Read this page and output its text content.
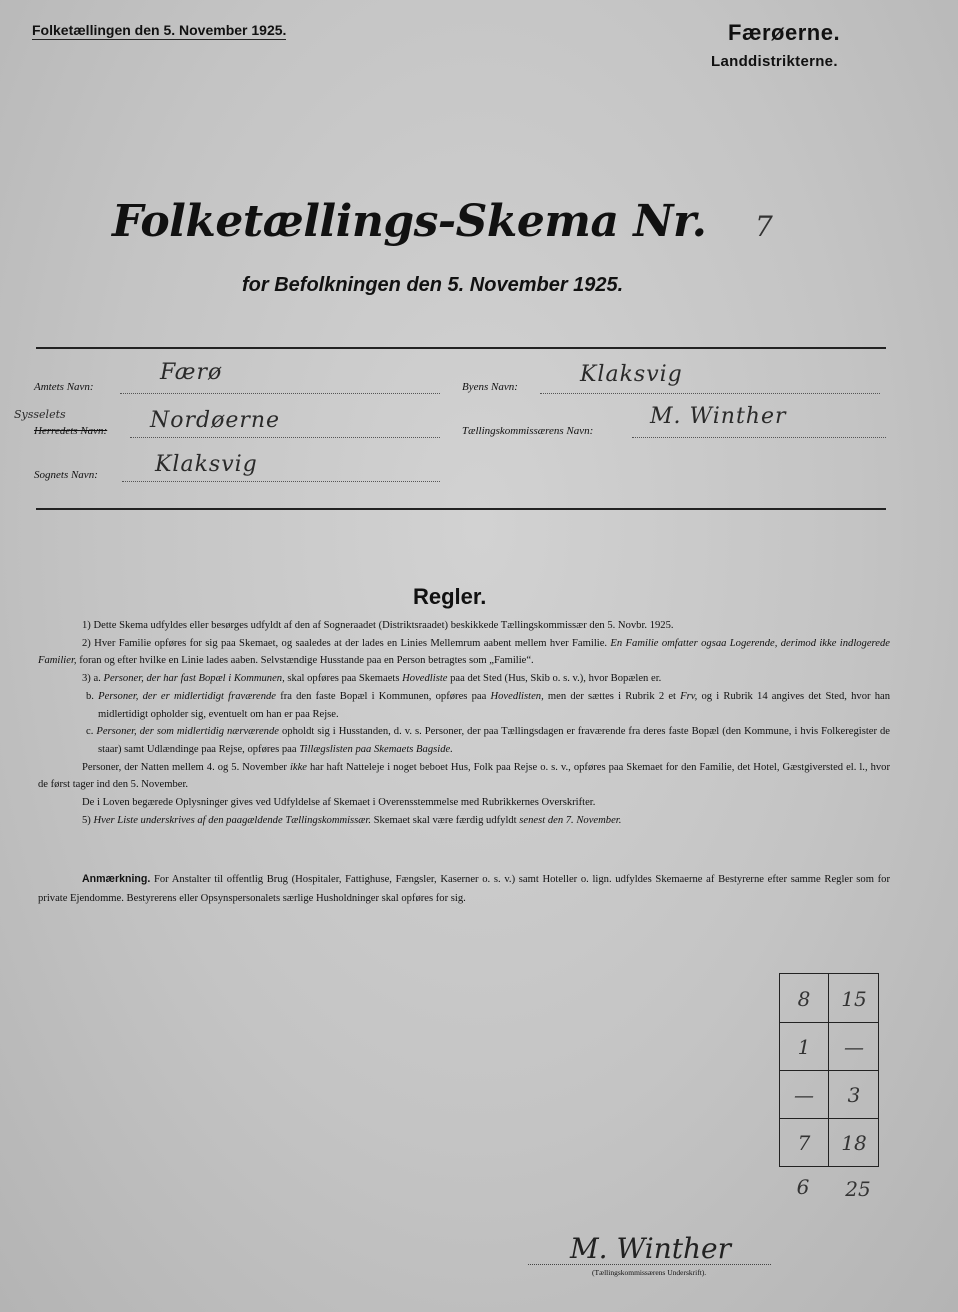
Folketællingen den 5. November 1925.	Færøerne.
Landdistrikterne.
Folketællings-Skema Nr. 7
for Befolkningen den 5. November 1925.
Amtets Navn:
Færø
Byens Navn:	Klaksvig
Sysselets
Herredets Navn: Nordøerne	Tællingskommissærens Navn:
M. Winther
Sognets Navn:	Klaksvig
Regler.

1) Dette Skema udfyldes eller besørges udfyldt af den af Sogneraadet (Distriktsraadet) beskikkede Tællingskommissær den 5. Novbr. 1925.

2) Hver Familie opføres for sig paa Skemaet, og saaledes at der lades en Linies Mellemrum aabent mellem hver Familie. En Familie omfatter ogsaa Logerende, derimod ikke indlogerede Familier, foran og efter hvilke en Linie lades aaben. Selvstændige Husstande paa en Person betragtes som „Familie“.

3) a. Personer, der har fast Bopæl i Kommunen, skal opføres paa Skemaets Hovedliste paa det Sted (Hus, Skib o. s. v.), hvor Bopælen er.

b. Personer, der er midlertidigt fraværende fra den faste Bopæl i Kommunen, opføres paa Hovedlisten, men der sættes i Rubrik 2 et Frv, og i Rubrik 14 angives det Sted, hvor han midlertidigt opholder sig, eventuelt om han er paa Rejse.

c. Personer, der som midlertidig nærværende opholdt sig i Husstanden, d. v. s. Personer, der paa Tællingsdagen er fraværende fra deres faste Bopæl (den Kommune, i hvis Folkeregister de staar) samt Udlændinge paa Rejse, opføres paa Tillægslisten paa Skemaets Bagside.

Personer, der Natten mellem 4. og 5. November ikke har haft Natteleje i noget beboet Hus, Folk paa Rejse o. s. v., opføres paa Skemaet for den Familie, det Hotel, Gæstgiversted el. l., hvor de først tager ind den 5. November.

De i Loven begærede Oplysninger gives ved Udfyldelse af Skemaet i Overensstemmelse med Rubrikkernes Overskrifter.

5) Hver Liste underskrives af den paagældende Tællingskommissær. Skemaet skal være færdig udfyldt senest den 7. November.

Anmærkning. For Anstalter til offentlig Brug (Hospitaler, Fattighuse, Fængsler, Kaserner o. s. v.) samt Hoteller o. lign. udfyldes Skemaerne af Bestyrerne efter samme Regler som for private Ejendomme. Bestyrerens eller Opsynspersonalets særlige Husholdninger skal opføres for sig.

8	15
1	—
—	3
7	18
6	25
M. Winther
(Tællingskommissærens Underskrift).
